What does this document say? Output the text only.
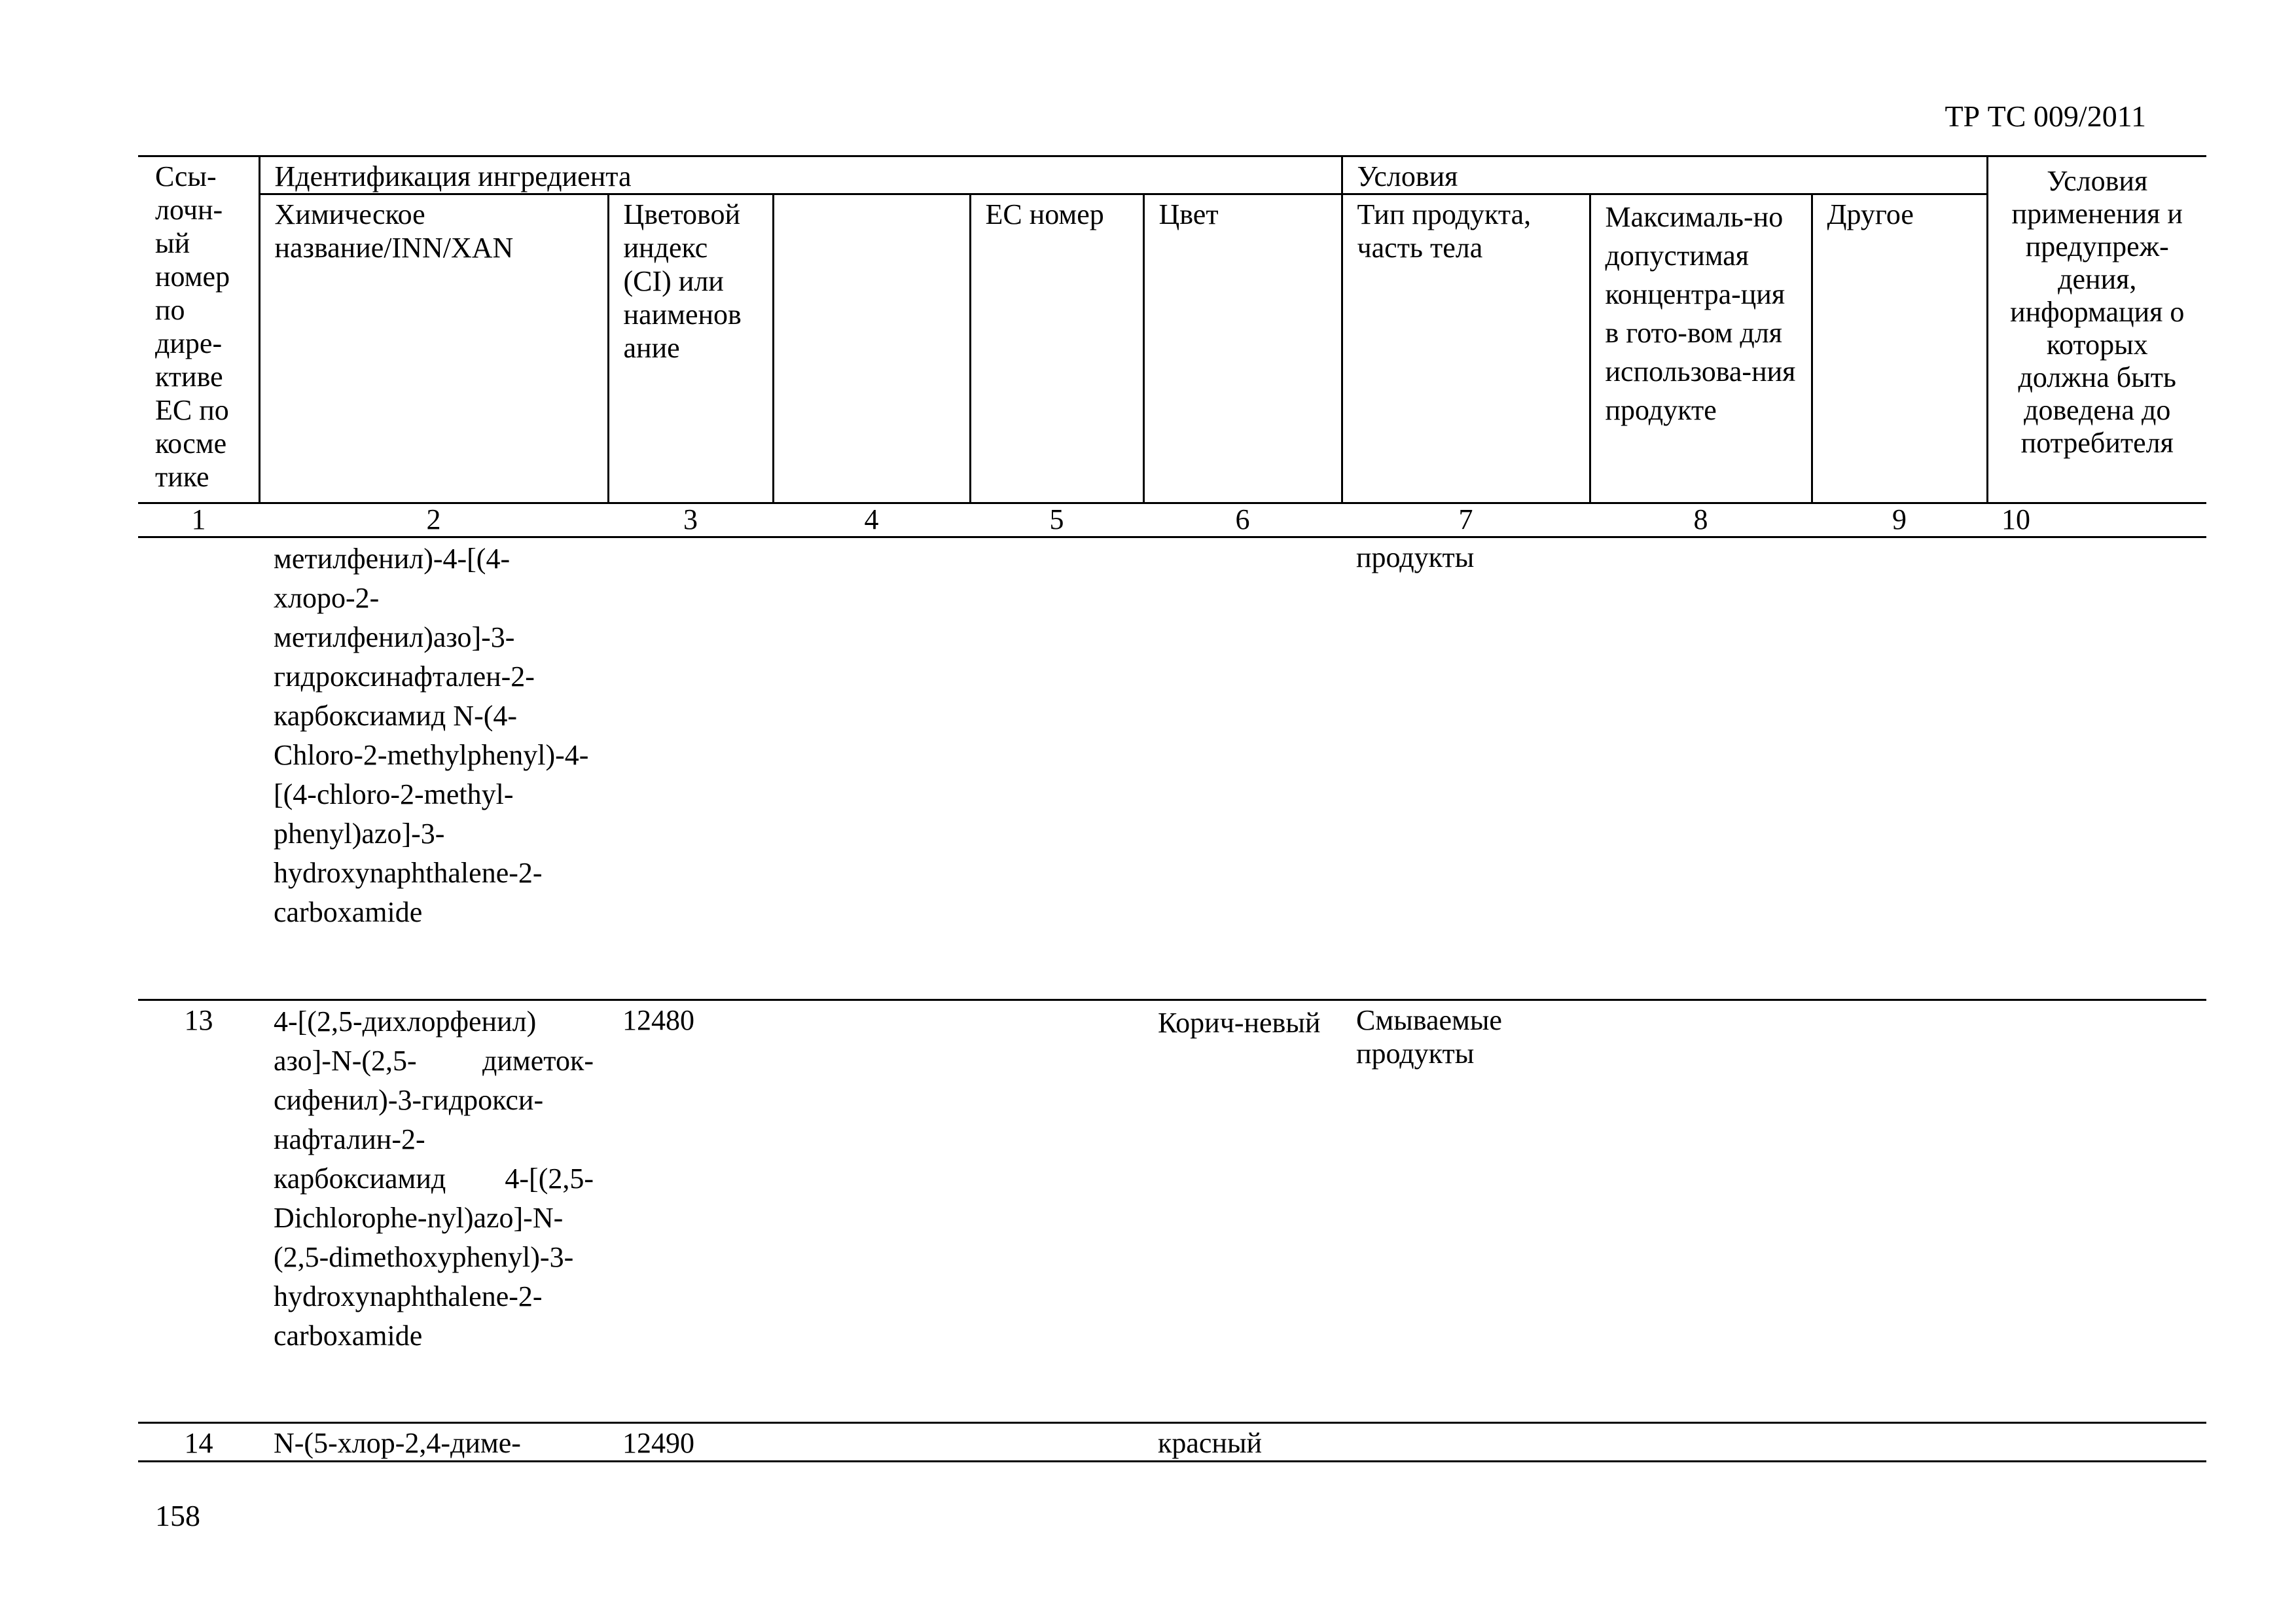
ТР ТС 009/2011
Ссы-лочн-ый номер по дире-ктиве ЕС по косме тике	Идентификация ингредиента					Условия			Условия применения и предупреж-дения, информация о которых должна быть доведена до потребителя
	Химическое название/INN/XAN	Цветовой индекс (CI) или наименов ание		ЕС номер	Цвет	Тип продукта, часть тела	Максималь-но допустимая концентра-ция в гото-вом для использова-ния продукте	Другое	
1	2	3	4	5	6	7	8	9	10
	метилфенил)-4-[(4-хлоро-2-метилфенил)азо]-3-гидроксинафтален-2-карбоксиамид N-(4-Chloro-2-methylphenyl)-4-[(4-chloro-2-methyl-phenyl)azo]-3-hydroxynaphthalene-2-carboxamide					продукты			
13	4-[(2,5-дихлорфенил) азо]-N-(2,5- диметок-сифенил)-3-гидрокси-нафталин-2-карбоксиамид 4-[(2,5-Dichlorophe-nyl)azo]-N-(2,5-dimethoxyphenyl)-3-hydroxynaphthalene-2-carboxamide	12480			Корич-невый	Смываемые продукты			
14	N-(5-хлор-2,4-диме-	12490			красный				
158
